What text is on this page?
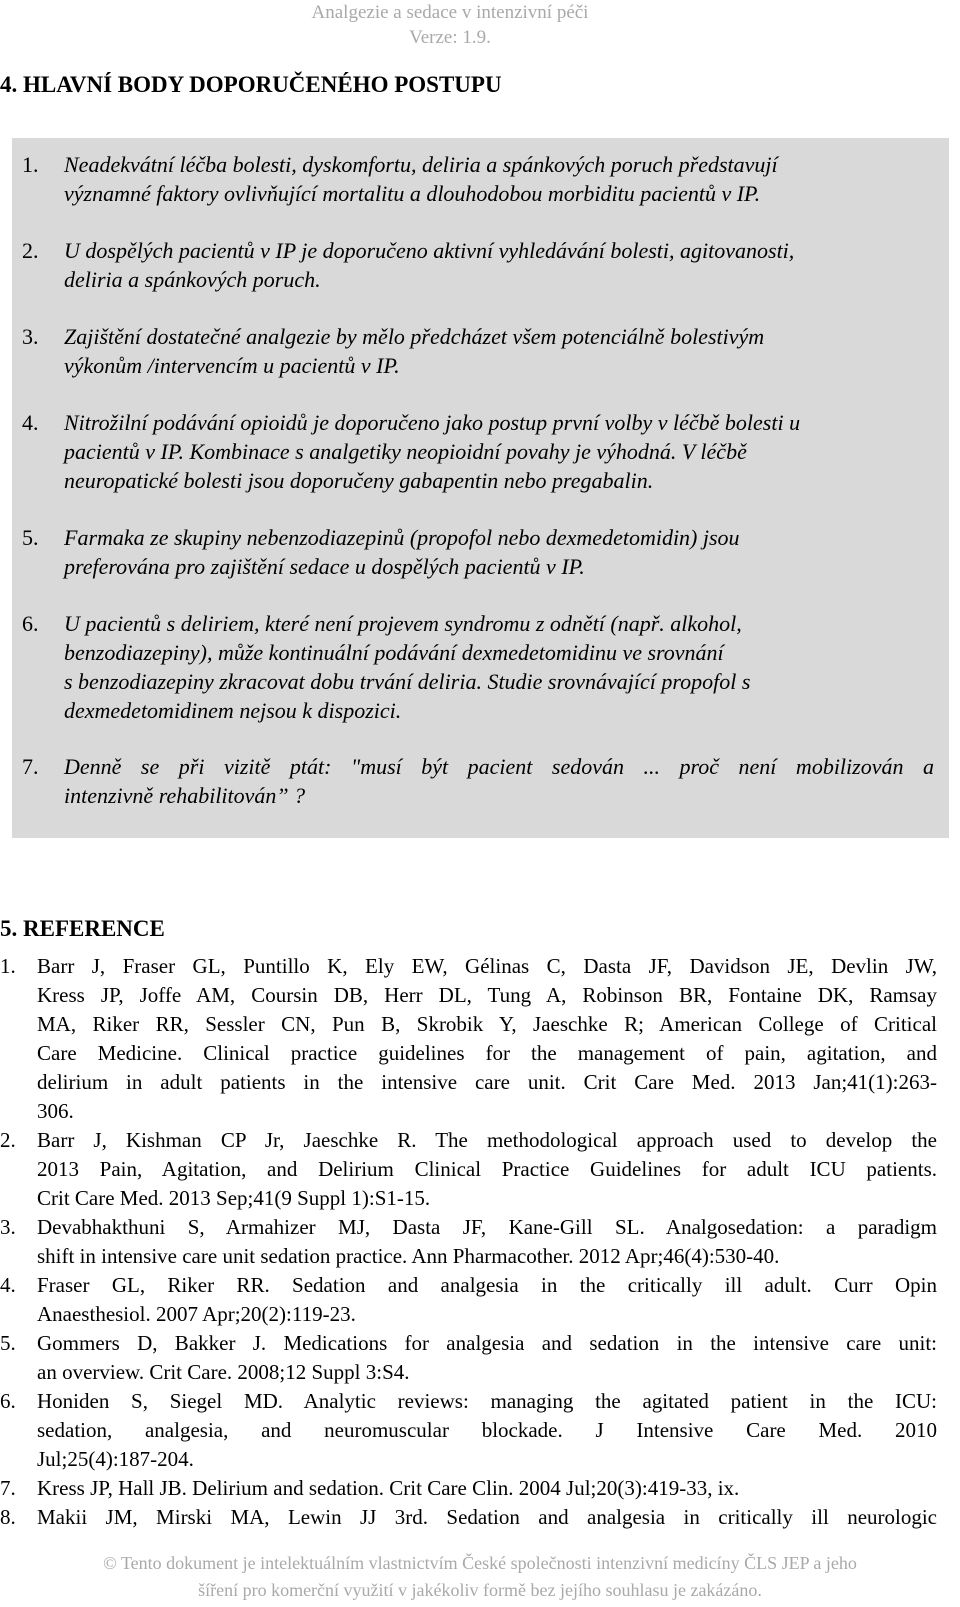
Analgezie a sedace v intenzivní péči
Verze: 1.9.
4. HLAVNÍ BODY DOPORUČENÉHO POSTUPU
1. Neadekvátní léčba bolesti, dyskomfortu, deliria a spánkových poruch představují
významné faktory ovlivňující mortalitu a dlouhodobou morbiditu pacientů v IP.
2. U dospělých pacientů v IP je doporučeno aktivní vyhledávání bolesti, agitovanosti,
deliria a spánkových poruch.
3. Zajištění dostatečné analgezie by mělo předcházet všem potenciálně bolestivým
výkonům /intervencím u pacientů v IP.
4. Nitrožilní podávání opioidů je doporučeno jako postup první volby v léčbě bolesti u
pacientů v IP. Kombinace s analgetiky neopioidní povahy je výhodná. V léčbě
neuropatické bolesti jsou doporučeny gabapentin nebo pregabalin.
5. Farmaka ze skupiny nebenzodiazepinů (propofol nebo dexmedetomidin) jsou
preferována pro zajištění sedace u dospělých pacientů v IP.
6. U pacientů s deliriem, které není projevem syndromu z odnětí (např. alkohol,
benzodiazepiny), může kontinuální podávání dexmedetomidinu ve srovnání
s benzodiazepiny zkracovat dobu trvání deliria. Studie srovnávající propofol s
dexmedetomidinem nejsou k dispozici.
7. Denně se při vizitě ptát: "musí být pacient sedován ... proč není mobilizován a
intenzivně rehabilitován” ?
5. REFERENCE
1. Barr J, Fraser GL, Puntillo K, Ely EW, Gélinas C, Dasta JF, Davidson JE, Devlin JW,
Kress JP, Joffe AM, Coursin DB, Herr DL, Tung A, Robinson BR, Fontaine DK, Ramsay
MA, Riker RR, Sessler CN, Pun B, Skrobik Y, Jaeschke R; American College of Critical
Care Medicine. Clinical practice guidelines for the management of pain, agitation, and
delirium in adult patients in the intensive care unit. Crit Care Med. 2013 Jan;41(1):263-
306.
2. Barr J, Kishman CP Jr, Jaeschke R. The methodological approach used to develop the
2013 Pain, Agitation, and Delirium Clinical Practice Guidelines for adult ICU patients.
Crit Care Med. 2013 Sep;41(9 Suppl 1):S1-15.
3. Devabhakthuni S, Armahizer MJ, Dasta JF, Kane-Gill SL. Analgosedation: a paradigm
shift in intensive care unit sedation practice. Ann Pharmacother. 2012 Apr;46(4):530-40.
4. Fraser GL, Riker RR. Sedation and analgesia in the critically ill adult. Curr Opin
Anaesthesiol. 2007 Apr;20(2):119-23.
5. Gommers D, Bakker J. Medications for analgesia and sedation in the intensive care unit:
an overview. Crit Care. 2008;12 Suppl 3:S4.
6. Honiden S, Siegel MD. Analytic reviews: managing the agitated patient in the ICU:
sedation, analgesia, and neuromuscular blockade. J Intensive Care Med. 2010
Jul;25(4):187-204.
7. Kress JP, Hall JB. Delirium and sedation. Crit Care Clin. 2004 Jul;20(3):419-33, ix.
8. Makii JM, Mirski MA, Lewin JJ 3rd. Sedation and analgesia in critically ill neurologic
© Tento dokument je intelektuálním vlastnictvím České společnosti intenzivní medicíny ČLS JEP a jeho
šíření pro komerční využití v jakékoliv formě bez jejího souhlasu je zakázáno.
